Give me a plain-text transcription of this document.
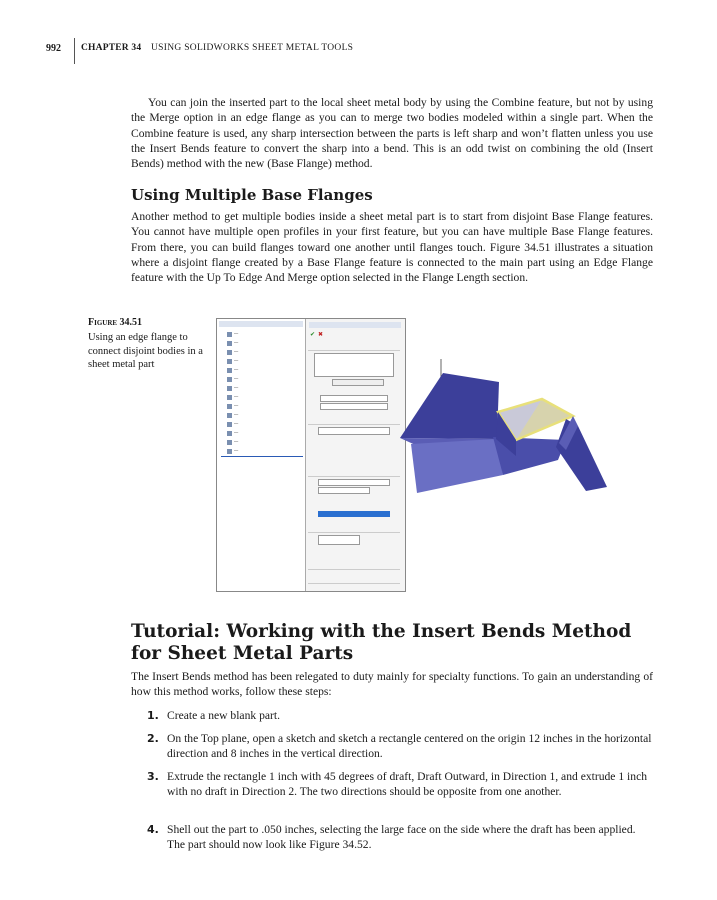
992 CHAPTER 34 USING SOLIDWORKS SHEET METAL TOOLS

You can join the inserted part to the local sheet metal body by using the Combine feature, but not by using the Merge option in an edge flange as you can to merge two bodies modeled within a single part. When the Combine feature is used, any sharp intersection between the parts is left sharp and won’t flatten unless you use the Insert Bends feature to convert the sharp into a bend. This is an odd twist on combining the old (Insert Bends) method with the new (Base Flange) method.

Using Multiple Base Flanges

Another method to get multiple bodies inside a sheet metal part is to start from disjoint Base Flange features. You cannot have multiple open profiles in your first feature, but you can have multiple Base Flange features. From there, you can build flanges toward one another until flanges touch. Figure 34.51 illustrates a situation where a disjoint flange created by a Base Flange feature is connected to the main part using an Edge Flange feature with the Up To Edge And Merge option selected in the Flange Length section.

Figure 34.51
Using an edge flange to connect disjoint bodies in a sheet metal part
―
―
―
―
―
―
―
―
―
―
―
―
―
―
✔ ✖
Tutorial: Working with the Insert Bends Method for Sheet Metal Parts

The Insert Bends method has been relegated to duty mainly for specialty functions. To gain an understanding of how this method works, follow these steps:

1. Create a new blank part.
2. On the Top plane, open a sketch and sketch a rectangle centered on the origin 12 inches in the horizontal direction and 8 inches in the vertical direction.
3. Extrude the rectangle 1 inch with 45 degrees of draft, Draft Outward, in Direction 1, and extrude 1 inch with no draft in Direction 2. The two directions should be opposite from one another.
4. Shell out the part to .050 inches, selecting the large face on the side where the draft has been applied. The part should now look like Figure 34.52.
